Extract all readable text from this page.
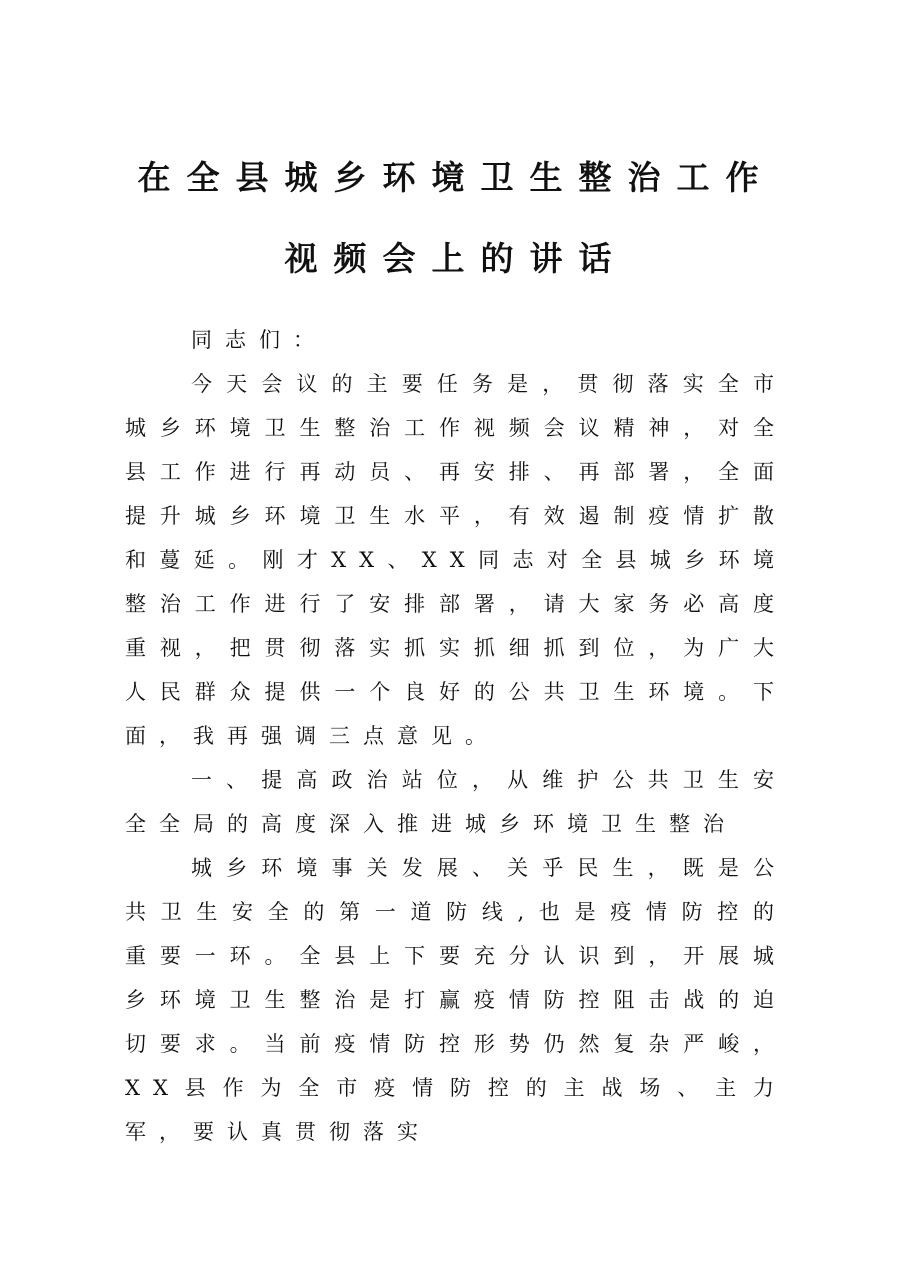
在全县城乡环境卫生整治工作
视频会上的讲话

同志们：

今天会议的主要任务是，贯彻落实全市城乡环境卫生整治工作视频会议精神，对全县工作进行再动员、再安排、再部署，全面提升城乡环境卫生水平，有效遏制疫情扩散和蔓延。刚才XX、XX同志对全县城乡环境整治工作进行了安排部署，请大家务必高度重视，把贯彻落实抓实抓细抓到位，为广大人民群众提供一个良好的公共卫生环境。下面，我再强调三点意见。

一、提高政治站位，从维护公共卫生安全全局的高度深入推进城乡环境卫生整治

城乡环境事关发展、关乎民生，既是公共卫生安全的第一道防线,也是疫情防控的重要一环。全县上下要充分认识到，开展城乡环境卫生整治是打赢疫情防控阻击战的迫切要求。当前疫情防控形势仍然复杂严峻，XX县作为全市疫情防控的主战场、主力军，要认真贯彻落实
